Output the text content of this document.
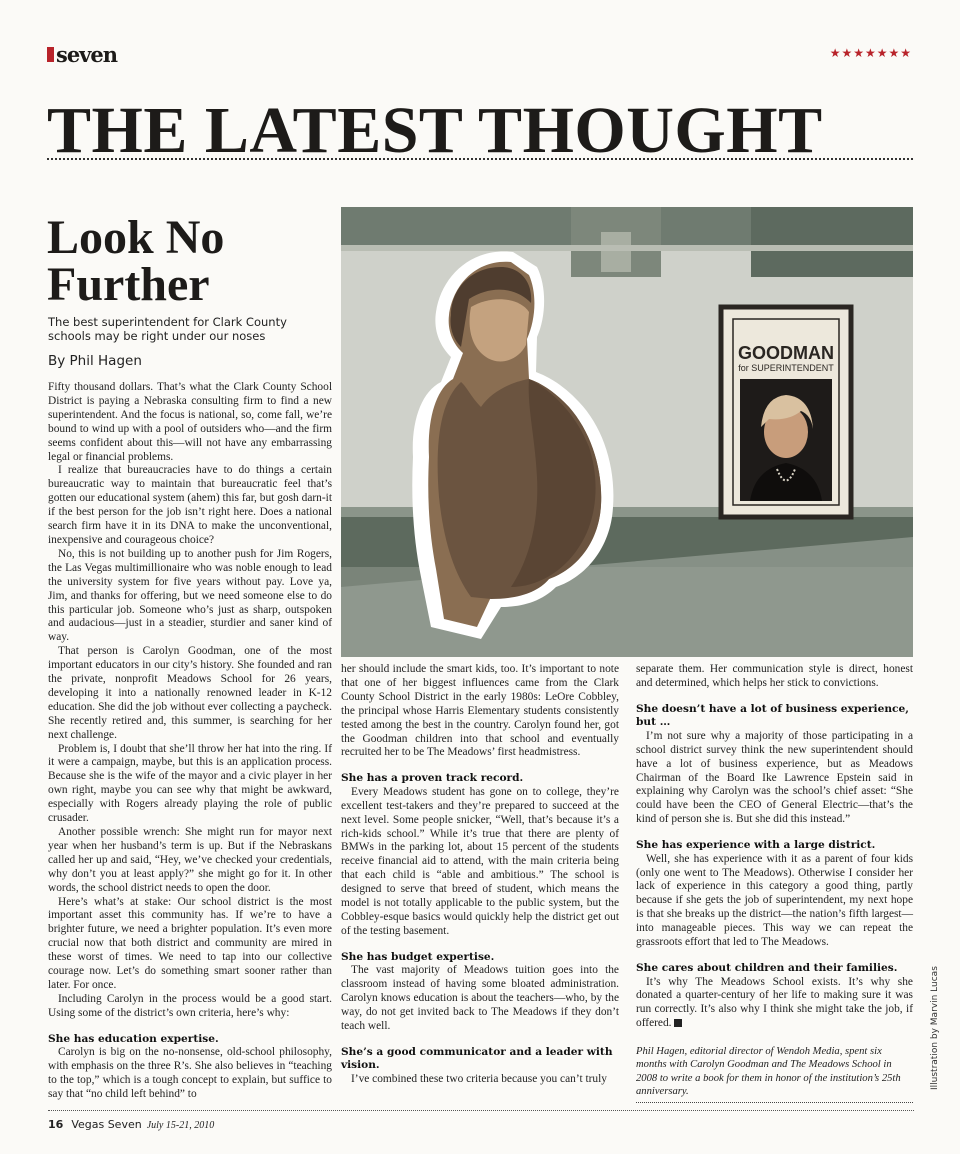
seven	★★★★★★★
THE LATEST THOUGHT
Look No Further
The best superintendent for Clark County schools may be right under our noses
By Phil Hagen

Fifty thousand dollars. That’s what the Clark County School District is paying a Nebraska consulting firm to find a new superintendent. And the focus is national, so, come fall, we’re bound to wind up with a pool of outsiders who—and the firm seems confident about this—will not have any embarrassing legal or financial problems.

I realize that bureaucracies have to do things a certain bureaucratic way to maintain that bureaucratic feel that’s gotten our educational system (ahem) this far, but gosh darn-it if the best person for the job isn’t right here. Does a national search firm have it in its DNA to make the unconventional, inexpensive and courageous choice?

No, this is not building up to another push for Jim Rogers, the Las Vegas multimillionaire who was noble enough to lead the university system for five years without pay. Love ya, Jim, and thanks for offering, but we need someone else to do this particular job. Someone who’s just as sharp, outspoken and audacious—just in a steadier, sturdier and saner kind of way.

That person is Carolyn Goodman, one of the most important educators in our city’s history. She founded and ran the private, nonprofit Meadows School for 26 years, developing it into a nationally renowned leader in K-12 education. She did the job without ever collecting a paycheck. She recently retired and, this summer, is searching for her next challenge.

Problem is, I doubt that she’ll throw her hat into the ring. If it were a campaign, maybe, but this is an application process. Because she is the wife of the mayor and a civic player in her own right, maybe you can see why that might be awkward, especially with Rogers already playing the role of public crusader.

Another possible wrench: She might run for mayor next year when her husband’s term is up. But if the Nebraskans called her up and said, “Hey, we’ve checked your credentials, why don’t you at least apply?” she might go for it. In other words, the school district needs to open the door.

Here’s what’s at stake: Our school district is the most important asset this community has. If we’re to have a brighter future, we need a brighter population. It’s even more crucial now that both district and community are mired in these worst of times. We need to tap into our collective courage now. Let’s do something smart sooner rather than later. For once.

Including Carolyn in the process would be a good start. Using some of the district’s own criteria, here’s why:

She has education expertise.

Carolyn is big on the no-nonsense, old-school philosophy, with emphasis on the three R’s. She also believes in “teaching to the top,” which is a tough concept to explain, but suffice to say that “no child left behind” to

GOODMAN
for SUPERINTENDENT

her should include the smart kids, too. It’s important to note that one of her biggest influences came from the Clark County School District in the early 1980s: LeOre Cobbley, the principal whose Harris Elementary students consistently tested among the best in the country. Carolyn found her, got the Goodman children into that school and eventually recruited her to be The Meadows’ first headmistress.

She has a proven track record.

Every Meadows student has gone on to college, they’re excellent test-takers and they’re prepared to succeed at the next level. Some people snicker, “Well, that’s because it’s a rich-kids school.” While it’s true that there are plenty of BMWs in the parking lot, about 15 percent of the students receive financial aid to attend, with the main criteria being that each child is “able and ambitious.” The school is designed to serve that breed of student, which means the model is not totally applicable to the public system, but the Cobbley-esque basics would quickly help the district get out of the testing basement.

She has budget expertise.

The vast majority of Meadows tuition goes into the classroom instead of having some bloated administration. Carolyn knows education is about the teachers—who, by the way, do not get invited back to The Meadows if they don’t teach well.

She’s a good communicator and a leader with vision.

I’ve combined these two criteria because you can’t truly

separate them. Her communication style is direct, honest and determined, which helps her stick to convictions.

She doesn’t have a lot of business experience, but …

I’m not sure why a majority of those participating in a school district survey think the new superintendent should have a lot of business experience, but as Meadows Chairman of the Board Ike Lawrence Epstein said in explaining why Carolyn was the school’s chief asset: “She could have been the CEO of General Electric—that’s the kind of person she is. But she did this instead.”

She has experience with a large district.

Well, she has experience with it as a parent of four kids (only one went to The Meadows). Otherwise I consider her lack of experience in this category a good thing, partly because if she gets the job of superintendent, my next hope is that she breaks up the district—the nation’s fifth largest—into manageable pieces. This way we can repeat the grassroots effort that led to The Meadows.

She cares about children and their families.

It’s why The Meadows School exists. It’s why she donated a quarter-century of her life to making sure it was run correctly. It’s also why I think she might take the job, if offered.

Phil Hagen, editorial director of Wendoh Media, spent six months with Carolyn Goodman and The Meadows School in 2008 to write a book for them in honor of the institution’s 25th anniversary.

Illustration by Marvin Lucas
16 Vegas Seven July 15-21, 2010
